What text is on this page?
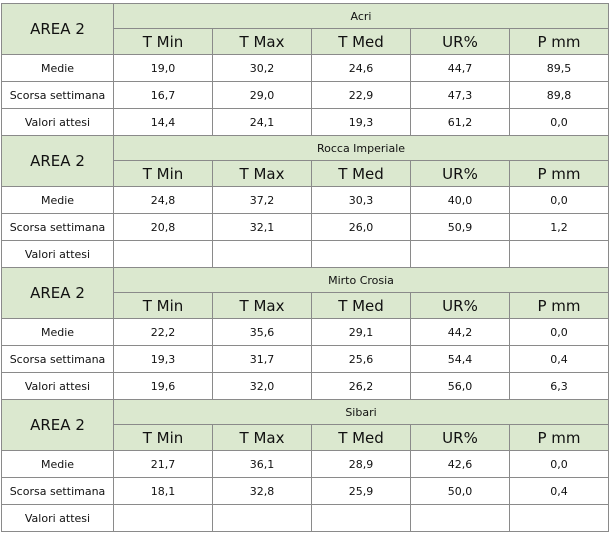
AREA 2	Acri				
	T Min	T Max	T Med	UR%	P mm
Medie	19,0	30,2	24,6	44,7	89,5
Scorsa settimana	16,7	29,0	22,9	47,3	89,8
Valori attesi	14,4	24,1	19,3	61,2	0,0
AREA 2	Rocca Imperiale				
	T Min	T Max	T Med	UR%	P mm
Medie	24,8	37,2	30,3	40,0	0,0
Scorsa settimana	20,8	32,1	26,0	50,9	1,2
Valori attesi					
AREA 2	Mirto Crosia				
	T Min	T Max	T Med	UR%	P mm
Medie	22,2	35,6	29,1	44,2	0,0
Scorsa settimana	19,3	31,7	25,6	54,4	0,4
Valori attesi	19,6	32,0	26,2	56,0	6,3
AREA 2	Sibari				
	T Min	T Max	T Med	UR%	P mm
Medie	21,7	36,1	28,9	42,6	0,0
Scorsa settimana	18,1	32,8	25,9	50,0	0,4
Valori attesi					
